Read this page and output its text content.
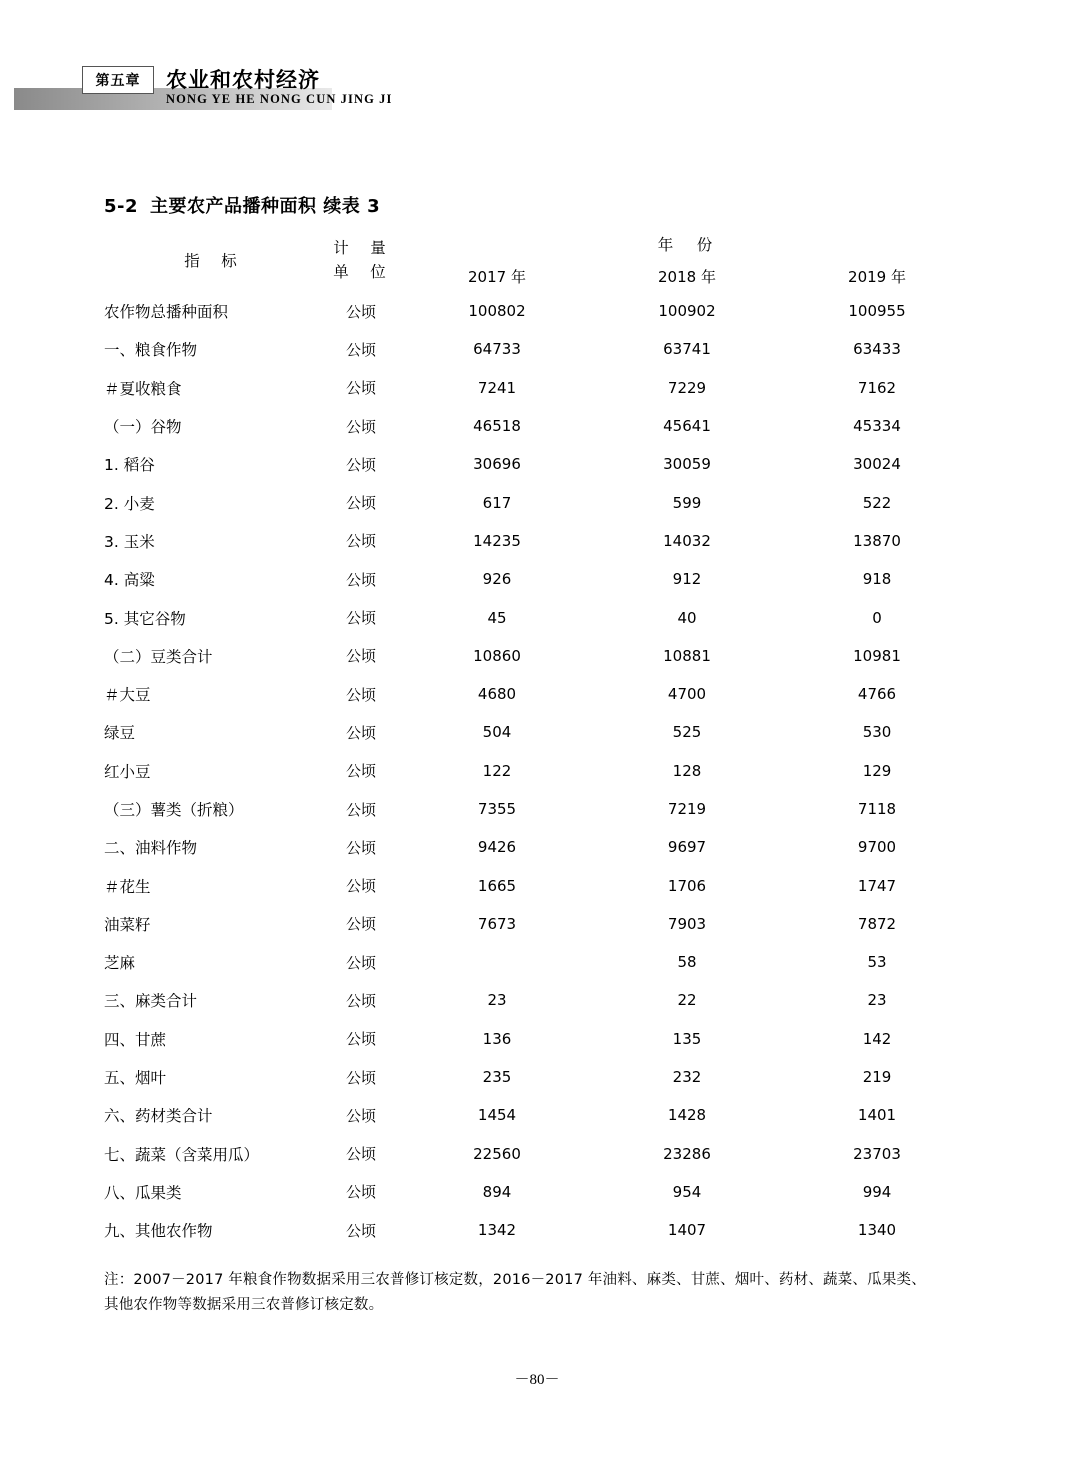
第五章	农业和农村经济
NONG YE HE NONG CUN JING JI
5-2 主要农产品播种面积 续表 3
指　标	计　量
单　位	年　份		
		2017 年	2018 年	2019 年
农作物总播种面积	公顷	100802	100902	100955
一、粮食作物	公顷	64733	63741	63433
＃夏收粮食	公顷	7241	7229	7162
（一）谷物	公顷	46518	45641	45334
1. 稻谷	公顷	30696	30059	30024
2. 小麦	公顷	617	599	522
3. 玉米	公顷	14235	14032	13870
4. 高粱	公顷	926	912	918
5. 其它谷物	公顷	45	40	0
（二）豆类合计	公顷	10860	10881	10981
＃大豆	公顷	4680	4700	4766
绿豆	公顷	504	525	530
红小豆	公顷	122	128	129
（三）薯类（折粮）	公顷	7355	7219	7118
二、油料作物	公顷	9426	9697	9700
＃花生	公顷	1665	1706	1747
油菜籽	公顷	7673	7903	7872
芝麻	公顷		58	53
三、麻类合计	公顷	23	22	23
四、甘蔗	公顷	136	135	142
五、烟叶	公顷	235	232	219
六、药材类合计	公顷	1454	1428	1401
七、蔬菜（含菜用瓜）	公顷	22560	23286	23703
八、瓜果类	公顷	894	954	994
九、其他农作物	公顷	1342	1407	1340
注：2007－2017 年粮食作物数据采用三农普修订核定数，2016－2017 年油料、麻类、甘蔗、烟叶、药材、蔬菜、瓜果类、
其他农作物等数据采用三农普修订核定数。
－80－
